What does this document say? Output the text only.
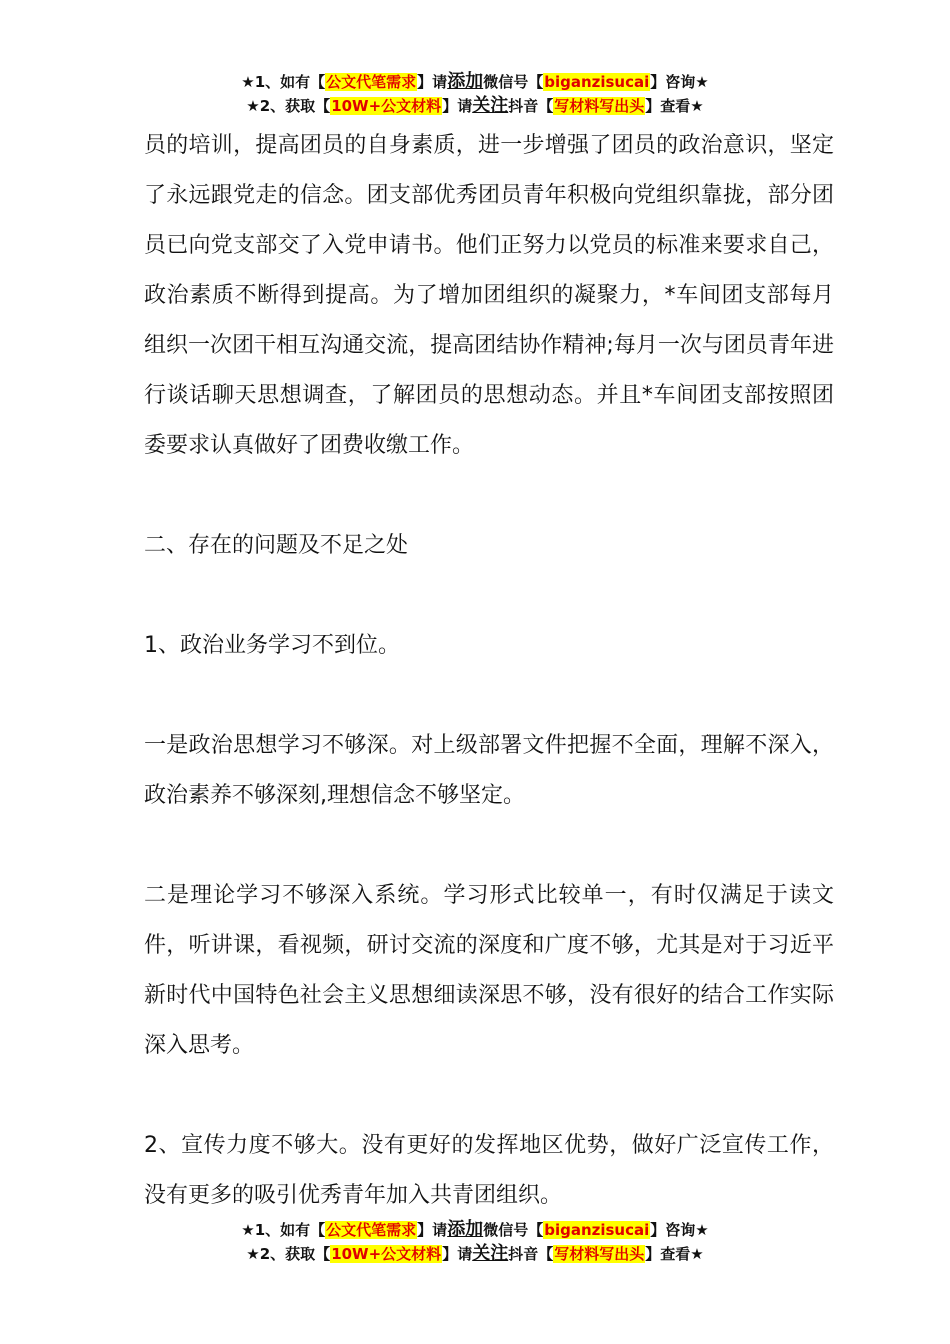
★1、如有【公文代笔需求】请添加微信号【biganzisucai】咨询★
★2、获取【10W+公文材料】请关注抖音【写材料写出头】查看★

员的培训，提高团员的自身素质，进一步增强了团员的政治意识，坚定了永远跟党走的信念。团支部优秀团员青年积极向党组织靠拢，部分团员已向党支部交了入党申请书。他们正努力以党员的标准来要求自己，政治素质不断得到提高。为了增加团组织的凝聚力，*车间团支部每月组织一次团干相互沟通交流，提高团结协作精神;每月一次与团员青年进行谈话聊天思想调查，了解团员的思想动态。并且*车间团支部按照团委要求认真做好了团费收缴工作。

二、存在的问题及不足之处

1、政治业务学习不到位。

一是政治思想学习不够深。对上级部署文件把握不全面，理解不深入，政治素养不够深刻,理想信念不够坚定。

二是理论学习不够深入系统。学习形式比较单一，有时仅满足于读文件，听讲课，看视频，研讨交流的深度和广度不够，尤其是对于习近平新时代中国特色社会主义思想细读深思不够，没有很好的结合工作实际深入思考。

2、宣传力度不够大。没有更好的发挥地区优势，做好广泛宣传工作，没有更多的吸引优秀青年加入共青团组织。

★1、如有【公文代笔需求】请添加微信号【biganzisucai】咨询★
★2、获取【10W+公文材料】请关注抖音【写材料写出头】查看★
